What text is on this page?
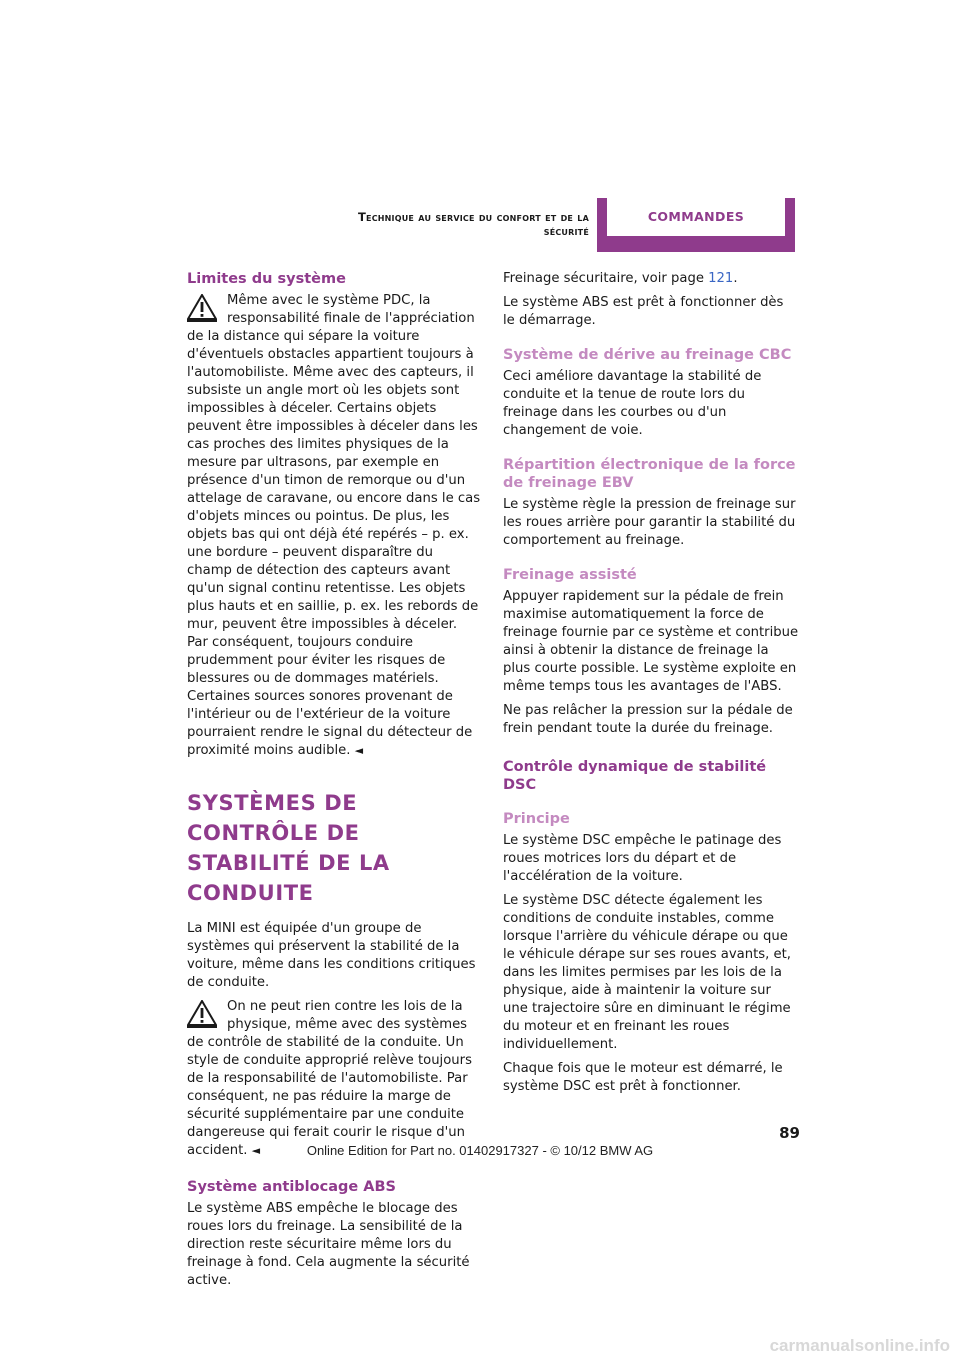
Technique au service du confort et de la sécurité
COMMANDES
Limites du système
Même avec le système PDC, la responsabilité finale de l'appréciation de la distance qui sépare la voiture d'éventuels obstacles appartient toujours à l'automobiliste. Même avec des capteurs, il subsiste un angle mort où les objets sont impossibles à déceler. Certains objets peuvent être impossibles à déceler dans les cas proches des limites physiques de la mesure par ultrasons, par exemple en présence d'un timon de remorque ou d'un attelage de caravane, ou encore dans le cas d'objets minces ou pointus. De plus, les objets bas qui ont déjà été repérés – p. ex. une bordure – peuvent disparaître du champ de détection des capteurs avant qu'un signal continu retentisse. Les objets plus hauts et en saillie, p. ex. les rebords de mur, peuvent être impossibles à déceler. Par conséquent, toujours conduire prudemment pour éviter les risques de blessures ou de dommages matériels. Certaines sources sonores provenant de l'intérieur ou de l'extérieur de la voiture pourraient rendre le signal du détecteur de proximité moins audible. ◄
SYSTÈMES DE CONTRÔLE DE STABILITÉ DE LA CONDUITE

La MINI est équipée d'un groupe de systèmes qui préservent la stabilité de la voiture, même dans les conditions critiques de conduite.

On ne peut rien contre les lois de la physique, même avec des systèmes de contrôle de stabilité de la conduite. Un style de conduite approprié relève toujours de la responsabilité de l'automobiliste. Par conséquent, ne pas réduire la marge de sécurité supplémentaire par une conduite dangereuse qui ferait courir le risque d'un accident. ◄
Système antiblocage ABS

Le système ABS empêche le blocage des roues lors du freinage. La sensibilité de la direction reste sécuritaire même lors du freinage à fond. Cela augmente la sécurité active.

Freinage sécuritaire, voir page 121.

Le système ABS est prêt à fonctionner dès le démarrage.

Système de dérive au freinage CBC

Ceci améliore davantage la stabilité de conduite et la tenue de route lors du freinage dans les courbes ou d'un changement de voie.

Répartition électronique de la force de freinage EBV

Le système règle la pression de freinage sur les roues arrière pour garantir la stabilité du comportement au freinage.

Freinage assisté

Appuyer rapidement sur la pédale de frein maximise automatiquement la force de freinage fournie par ce système et contribue ainsi à obtenir la distance de freinage la plus courte possible. Le système exploite en même temps tous les avantages de l'ABS.

Ne pas relâcher la pression sur la pédale de frein pendant toute la durée du freinage.

Contrôle dynamique de stabilité DSC
Principe

Le système DSC empêche le patinage des roues motrices lors du départ et de l'accélération de la voiture.

Le système DSC détecte également les conditions de conduite instables, comme lorsque l'arrière du véhicule dérape ou que le véhicule dérape sur ses roues avants, et, dans les limites permises par les lois de la physique, aide à maintenir la voiture sur une trajectoire sûre en diminuant le régime du moteur et en freinant les roues individuellement.

Chaque fois que le moteur est démarré, le système DSC est prêt à fonctionner.

89
Online Edition for Part no. 01402917327 - © 10/12 BMW AG
carmanualsonline.info
